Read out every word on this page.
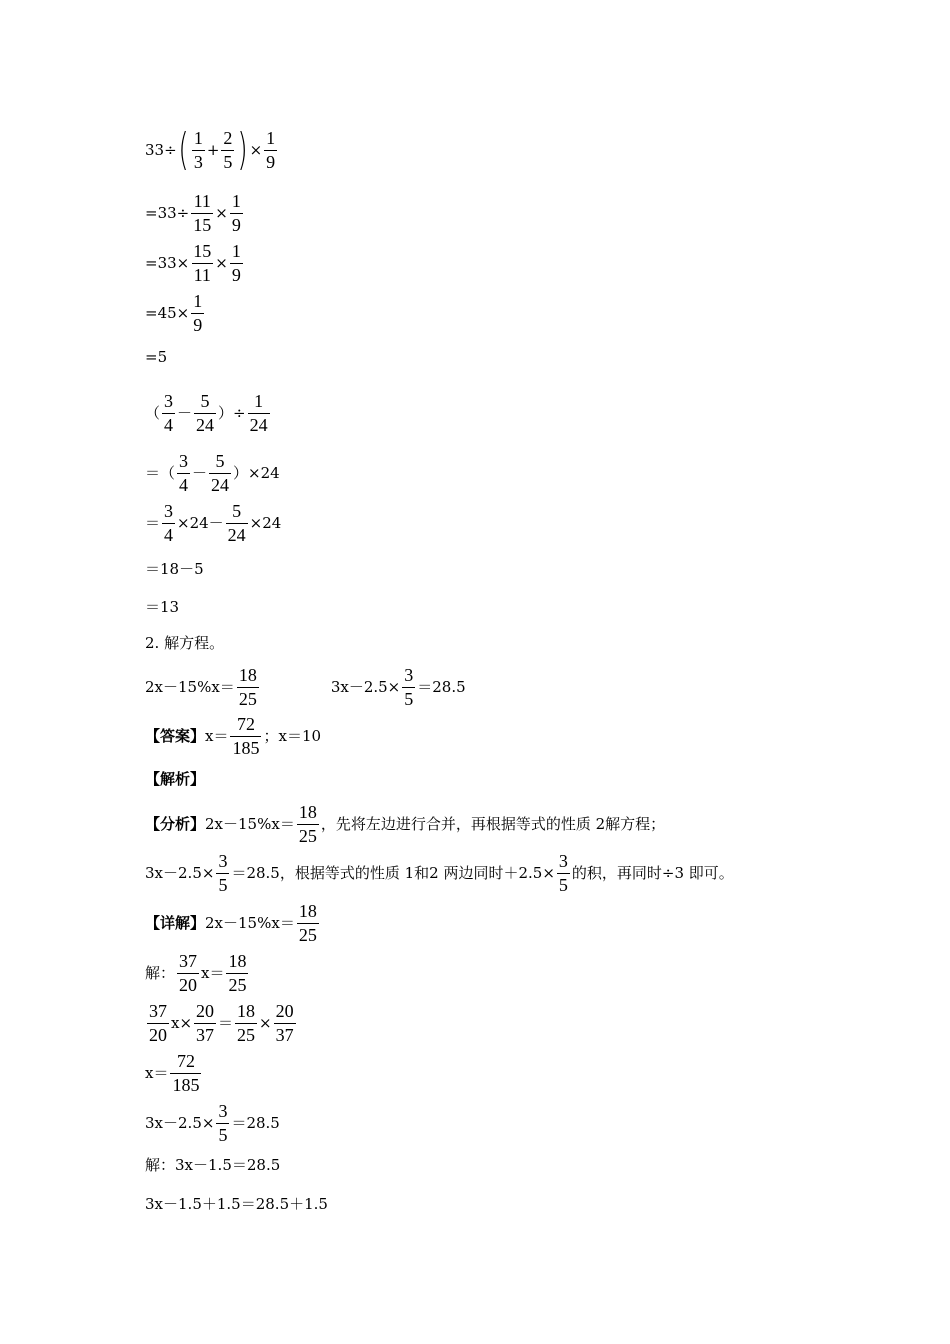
33 ÷ ( $\frac{1}{3} + \frac{2}{5}$ ) × $\frac{1}{9}$
$=33\div \frac{11}{15} \times \frac{1}{9}$
$=33\times \frac{15}{11} \times \frac{1}{9}$
$=45\times \frac{1}{9}$
=5
（ $\frac{3}{4} - \frac{5}{24}$ ）÷ $\frac{1}{24}$
＝（ $\frac{3}{4} - \frac{5}{24} )\times 24$
＝ $\frac{3}{4} \times 24- \frac{5}{24} \times 24$
＝18－5
＝13
2. 解方程。
$2x-15\%x= \frac{18}{25}$	$3x-2.5\times \frac{3}{5} =28.5$
【答案】 $x= \frac{72}{185}$ ；x＝10
【解析】
【分析】 $2x-15\%x= \frac{18}{25}$ ，先将左边进行合并，再根据等式的性质 2解方程；
$3x-2.5\times \frac{3}{5} =28.5$，根据等式的性质 1和2 两边同时$+2.5\times \frac{3}{5}$ 的积，再同时÷3 即可。
【详解】 $2x-15\%x= \frac{18}{25}$
解： $\frac{37}{20} x= \frac{18}{25}$
$\frac{37}{20} x\times \frac{20}{37} = \frac{18}{25} \times \frac{20}{37}$
$x= \frac{72}{185}$
$3x-2.5\times \frac{3}{5} =28.5$
解：3x－1.5＝28.5
3x－1.5＋1.5＝28.5＋1.5
